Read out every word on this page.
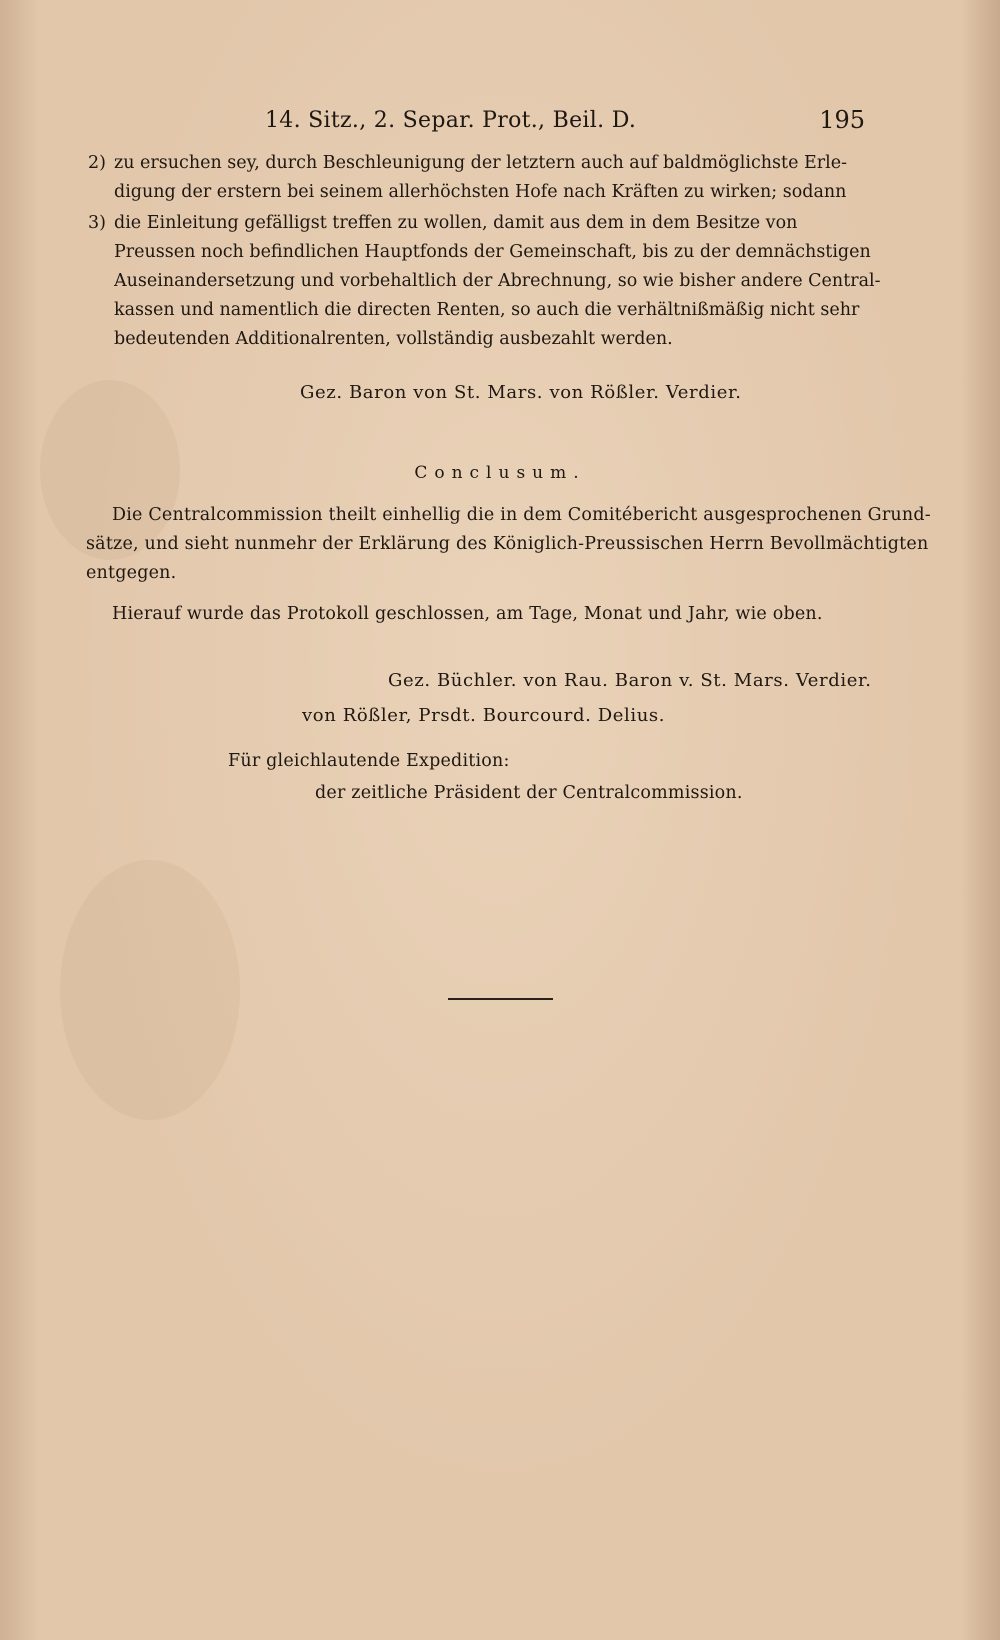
14. Sitz., 2. Separ. Prot., Beil. D.	195
2) zu ersuchen sey, durch Beschleunigung der letztern auch auf baldmöglichste Erle-
digung der erstern bei seinem allerhöchsten Hofe nach Kräften zu wirken; sodann
3) die Einleitung gefälligst treffen zu wollen, damit aus dem in dem Besitze von
Preussen noch befindlichen Hauptfonds der Gemeinschaft, bis zu der demnächstigen
Auseinandersetzung und vorbehaltlich der Abrechnung, so wie bisher andere Central-
kassen und namentlich die directen Renten, so auch die verhältnißmäßig nicht sehr
bedeutenden Additionalrenten, vollständig ausbezahlt werden.
Gez. Baron von St. Mars. von Rößler. Verdier.
Conclusum.
Die Centralcommission theilt einhellig die in dem Comitébericht ausgesprochenen Grund-
sätze, und sieht nunmehr der Erklärung des Königlich-Preussischen Herrn Bevollmächtigten
entgegen.
Hierauf wurde das Protokoll geschlossen, am Tage, Monat und Jahr, wie oben.
Gez. Büchler. von Rau. Baron v. St. Mars. Verdier.
von Rößler, Prsdt. Bourcourd. Delius.
Für gleichlautende Expedition:
der zeitliche Präsident der Centralcommission.
